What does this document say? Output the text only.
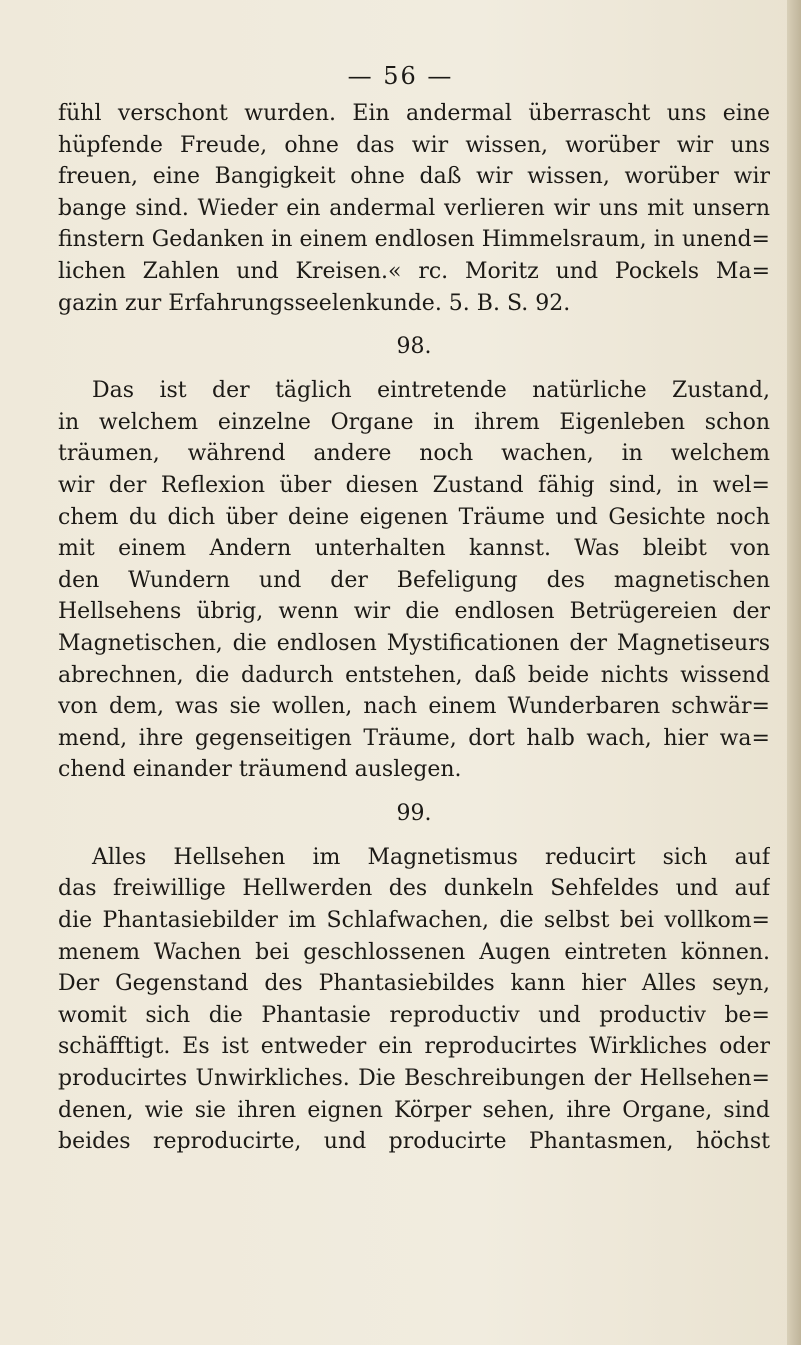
— 56 —
fühl verschont wurden. Ein andermal überrascht uns eine
hüpfende Freude, ohne das wir wissen, worüber wir uns
freuen, eine Bangigkeit ohne daß wir wissen, worüber wir
bange sind. Wieder ein andermal verlieren wir uns mit unsern
finstern Gedanken in einem endlosen Himmelsraum, in unend=
lichen Zahlen und Kreisen.« rc. Moritz und Pockels Ma=
gazin zur Erfahrungsseelenkunde. 5. B. S. 92.
98.
Das ist der täglich eintretende natürliche Zustand,
in welchem einzelne Organe in ihrem Eigenleben schon
träumen, während andere noch wachen, in welchem
wir der Reflexion über diesen Zustand fähig sind, in wel=
chem du dich über deine eigenen Träume und Gesichte noch
mit einem Andern unterhalten kannst. Was bleibt von
den Wundern und der Befeligung des magnetischen
Hellsehens übrig, wenn wir die endlosen Betrügereien der
Magnetischen, die endlosen Mystificationen der Magnetiseurs
abrechnen, die dadurch entstehen, daß beide nichts wissend
von dem, was sie wollen, nach einem Wunderbaren schwär=
mend, ihre gegenseitigen Träume, dort halb wach, hier wa=
chend einander träumend auslegen.
99.
Alles Hellsehen im Magnetismus reducirt sich auf
das freiwillige Hellwerden des dunkeln Sehfeldes und auf
die Phantasiebilder im Schlafwachen, die selbst bei vollkom=
menem Wachen bei geschlossenen Augen eintreten können.
Der Gegenstand des Phantasiebildes kann hier Alles seyn,
womit sich die Phantasie reproductiv und productiv be=
schäfftigt. Es ist entweder ein reproducirtes Wirkliches oder
producirtes Unwirkliches. Die Beschreibungen der Hellsehen=
denen, wie sie ihren eignen Körper sehen, ihre Organe, sind
beides reproducirte, und producirte Phantasmen, höchst
